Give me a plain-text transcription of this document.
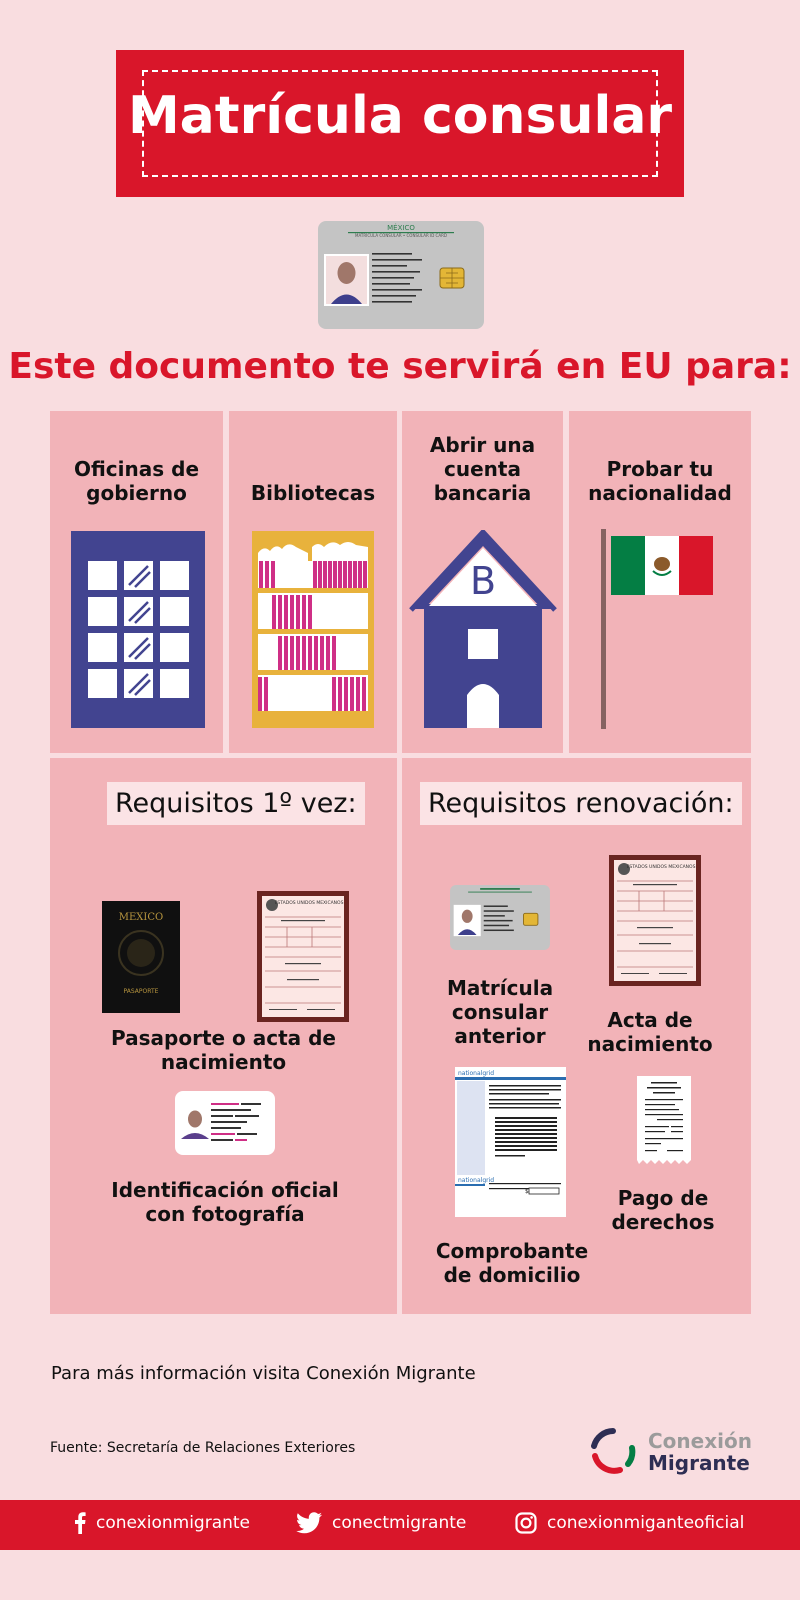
Matrícula consular
MÉXICO
MATRÍCULA CONSULAR • CONSULAR ID CARD
Este documento te servirá en EU para:
Oficinas de gobierno	Bibliotecas
Abrir una cuenta bancaria
B
Probar tu nacionalidad
Requisitos 1º vez:
MEXICO
PASAPORTE
ESTADOS UNIDOS MEXICANOS
Pasaporte o acta de nacimiento
Identificación oficial con fotografía
Requisitos renovación:
Matrícula consular anterior
ESTADOS UNIDOS MEXICANOS
Acta de nacimiento
nationalgrid
nationalgrid
$
Comprobante de domicilio
Pago de derechos
Para más información visita Conexión Migrante
Fuente: Secretaría de Relaciones Exteriores	Conexión
Migrante
conexionmigrante	conectmigrante	conexionmiganteoficial
